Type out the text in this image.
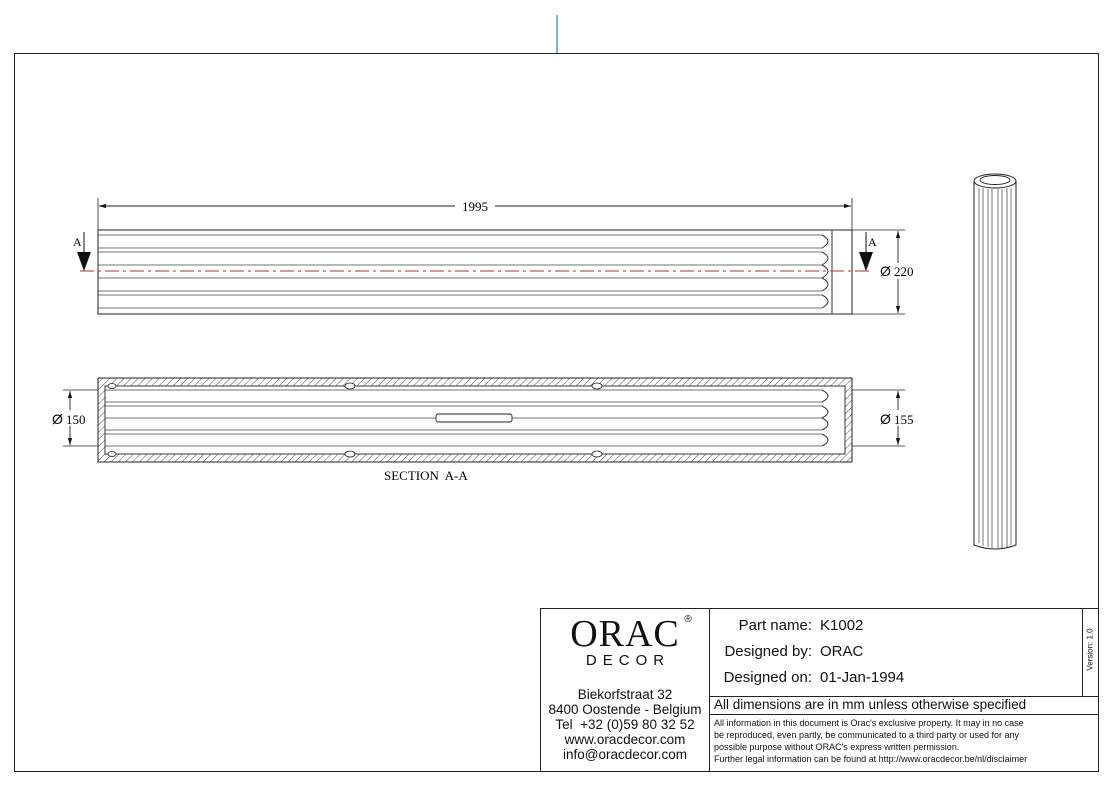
1995
A	A
Ø 220
Ø 150	Ø 155
SECTION  A-A
ORAC ®
DECOR
Biekorfstraat 32
8400 Oostende - Belgium
Tel  +32 (0)59 80 32 52
www.oracdecor.com
info@oracdecor.com
Part name: K1002
Designed by: ORAC
Designed on: 01-Jan-1994
Version: 1.0
All dimensions are in mm unless otherwise specified
All information in this document is Orac's exclusive property. It may in no case
be reproduced, even partly, be communicated to a third party or used for any
possible purpose without ORAC's express written permission.
Further legal information can be found at http://www.oracdecor.be/nl/disclaimer
